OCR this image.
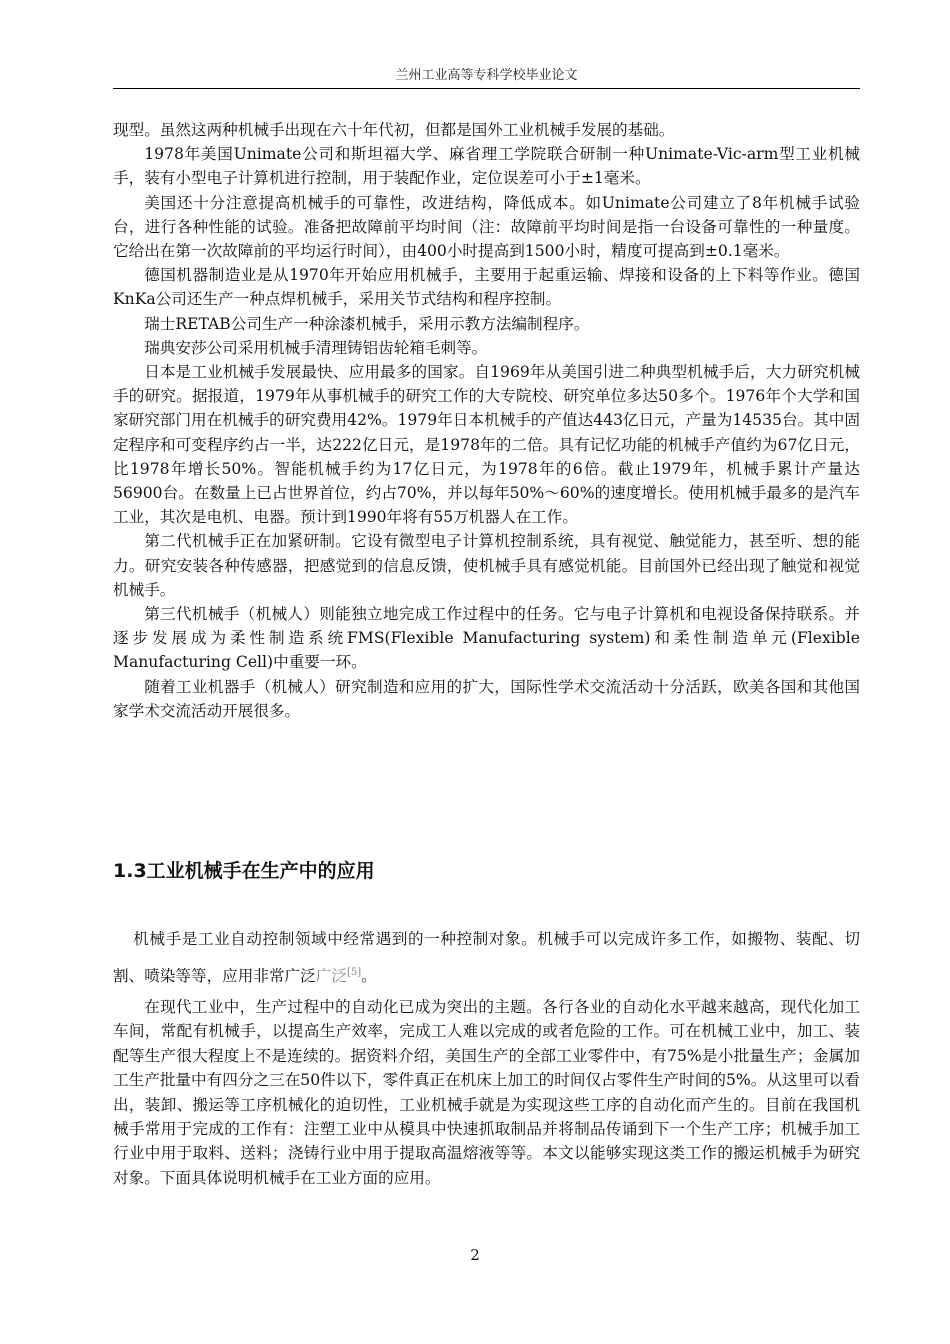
兰州工业高等专科学校毕业论文

现型。虽然这两种机械手出现在六十年代初，但都是国外工业机械手发展的基础。

1978年美国Unimate公司和斯坦福大学、麻省理工学院联合研制一种Unimate-Vic-arm型工业机械手，装有小型电子计算机进行控制，用于装配作业，定位误差可小于±1毫米。

美国还十分注意提高机械手的可靠性，改进结构，降低成本。如Unimate公司建立了8年机械手试验台，进行各种性能的试验。准备把故障前平均时间（注：故障前平均时间是指一台设备可靠性的一种量度。它给出在第一次故障前的平均运行时间），由400小时提高到1500小时，精度可提高到±0.1毫米。

德国机器制造业是从1970年开始应用机械手，主要用于起重运输、焊接和设备的上下料等作业。德国KnKa公司还生产一种点焊机械手，采用关节式结构和程序控制。

瑞士RETAB公司生产一种涂漆机械手，采用示教方法编制程序。

瑞典安莎公司采用机械手清理铸铝齿轮箱毛刺等。

日本是工业机械手发展最快、应用最多的国家。自1969年从美国引进二种典型机械手后，大力研究机械手的研究。据报道，1979年从事机械手的研究工作的大专院校、研究单位多达50多个。1976年个大学和国家研究部门用在机械手的研究费用42%。1979年日本机械手的产值达443亿日元，产量为14535台。其中固定程序和可变程序约占一半，达222亿日元，是1978年的二倍。具有记忆功能的机械手产值约为67亿日元，比1978年增长50%。智能机械手约为17亿日元，为1978年的6倍。截止1979年，机械手累计产量达56900台。在数量上已占世界首位，约占70%，并以每年50%～60%的速度增长。使用机械手最多的是汽车工业，其次是电机、电器。预计到1990年将有55万机器人在工作。

第二代机械手正在加紧研制。它设有微型电子计算机控制系统，具有视觉、触觉能力，甚至听、想的能力。研究安装各种传感器，把感觉到的信息反馈，使机械手具有感觉机能。目前国外已经出现了触觉和视觉机械手。

第三代机械手（机械人）则能独立地完成工作过程中的任务。它与电子计算机和电视设备保持联系。并逐步发展成为柔性制造系统FMS(Flexible Manufacturing system)和柔性制造单元(Flexible Manufacturing Cell)中重要一环。

随着工业机器手（机械人）研究制造和应用的扩大，国际性学术交流活动十分活跃，欧美各国和其他国家学术交流活动开展很多。

1.3工业机械手在生产中的应用

机械手是工业自动控制领域中经常遇到的一种控制对象。机械手可以完成许多工作，如搬物、装配、切割、喷染等等，应用非常广泛广泛[5]。

在现代工业中，生产过程中的自动化已成为突出的主题。各行各业的自动化水平越来越高，现代化加工车间，常配有机械手，以提高生产效率，完成工人难以完成的或者危险的工作。可在机械工业中，加工、装配等生产很大程度上不是连续的。据资料介绍，美国生产的全部工业零件中，有75%是小批量生产；金属加工生产批量中有四分之三在50件以下，零件真正在机床上加工的时间仅占零件生产时间的5%。从这里可以看出，装卸、搬运等工序机械化的迫切性，工业机械手就是为实现这些工序的自动化而产生的。目前在我国机械手常用于完成的工作有：注塑工业中从模具中快速抓取制品并将制品传诵到下一个生产工序；机械手加工行业中用于取料、送料；浇铸行业中用于提取高温熔液等等。本文以能够实现这类工作的搬运机械手为研究对象。下面具体说明机械手在工业方面的应用。

2
